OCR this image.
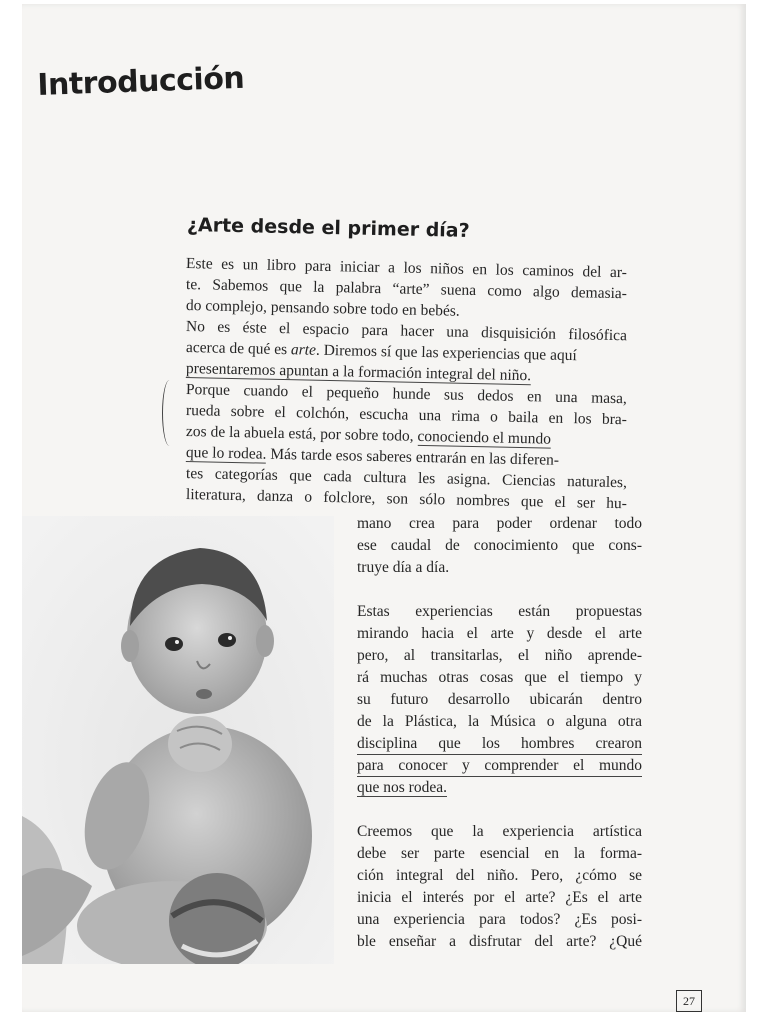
Introducción
¿Arte desde el primer día?
Este es un libro para iniciar a los niños en los caminos del ar-
te. Sabemos que la palabra “arte” suena como algo demasia-
do complejo, pensando sobre todo en bebés.
No es éste el espacio para hacer una disquisición filosófica
acerca de qué es arte. Diremos sí que las experiencias que aquí
presentaremos apuntan a la formación integral del niño.
Porque cuando el pequeño hunde sus dedos en una masa,
rueda sobre el colchón, escucha una rima o baila en los bra-
zos de la abuela está, por sobre todo, conociendo el mundo
que lo rodea. Más tarde esos saberes entrarán en las diferen-
tes categorías que cada cultura les asigna. Ciencias naturales,
literatura, danza o folclore, son sólo nombres que el ser hu-
mano crea para poder ordenar todo
ese caudal de conocimiento que cons-
truye día a día.
Estas experiencias están propuestas
mirando hacia el arte y desde el arte
pero, al transitarlas, el niño aprende-
rá muchas otras cosas que el tiempo y
su futuro desarrollo ubicarán dentro
de la Plástica, la Música o alguna otra
disciplina que los hombres crearon
para conocer y comprender el mundo
que nos rodea.
Creemos que la experiencia artística
debe ser parte esencial en la forma-
ción integral del niño. Pero, ¿cómo se
inicia el interés por el arte? ¿Es el arte
una experiencia para todos? ¿Es posi-
ble enseñar a disfrutar del arte? ¿Qué
27
